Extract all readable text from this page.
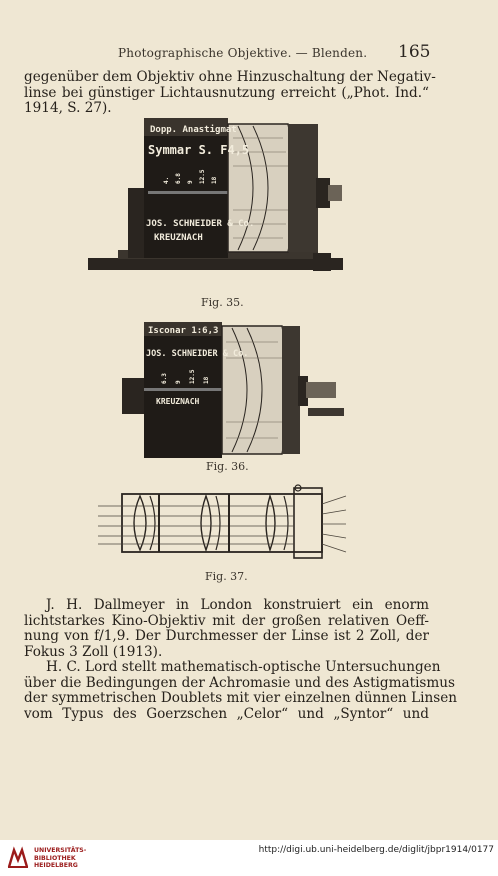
Photographische Objektive. — Blenden. 165
gegenüber dem Objektiv ohne Hinzuschaltung der Negativ-
linse bei günstiger Lichtausnutzung erreicht („Phot. Ind.“
1914, S. 27).
Dopp. Anastigmat
Symmar S. F4,5
JOS. SCHNEIDER & Co.
KREUZNACH
4. 6.8 9 12.5 18
Fig. 35.
Isconar 1:6,3
JOS. SCHNEIDER & Co.
KREUZNACH
6.3 9 12.5 18
Fig. 36.
Fig. 37.
J. H. Dallmeyer in London konstruiert ein enorm
lichtstarkes Kino-Objektiv mit der großen relativen Oeff-
nung von f/1,9. Der Durchmesser der Linse ist 2 Zoll, der
Fokus 3 Zoll (1913).
H. C. Lord stellt mathematisch-optische Untersuchungen
über die Bedingungen der Achromasie und des Astigmatismus
der symmetrischen Doublets mit vier einzelnen dünnen Linsen
vom Typus des Goerzschen „Celor“ und „Syntor“ und
UNIVERSITÄTS-
BIBLIOTHEK
HEIDELBERG
http://digi.ub.uni-heidelberg.de/diglit/jbpr1914/0177
